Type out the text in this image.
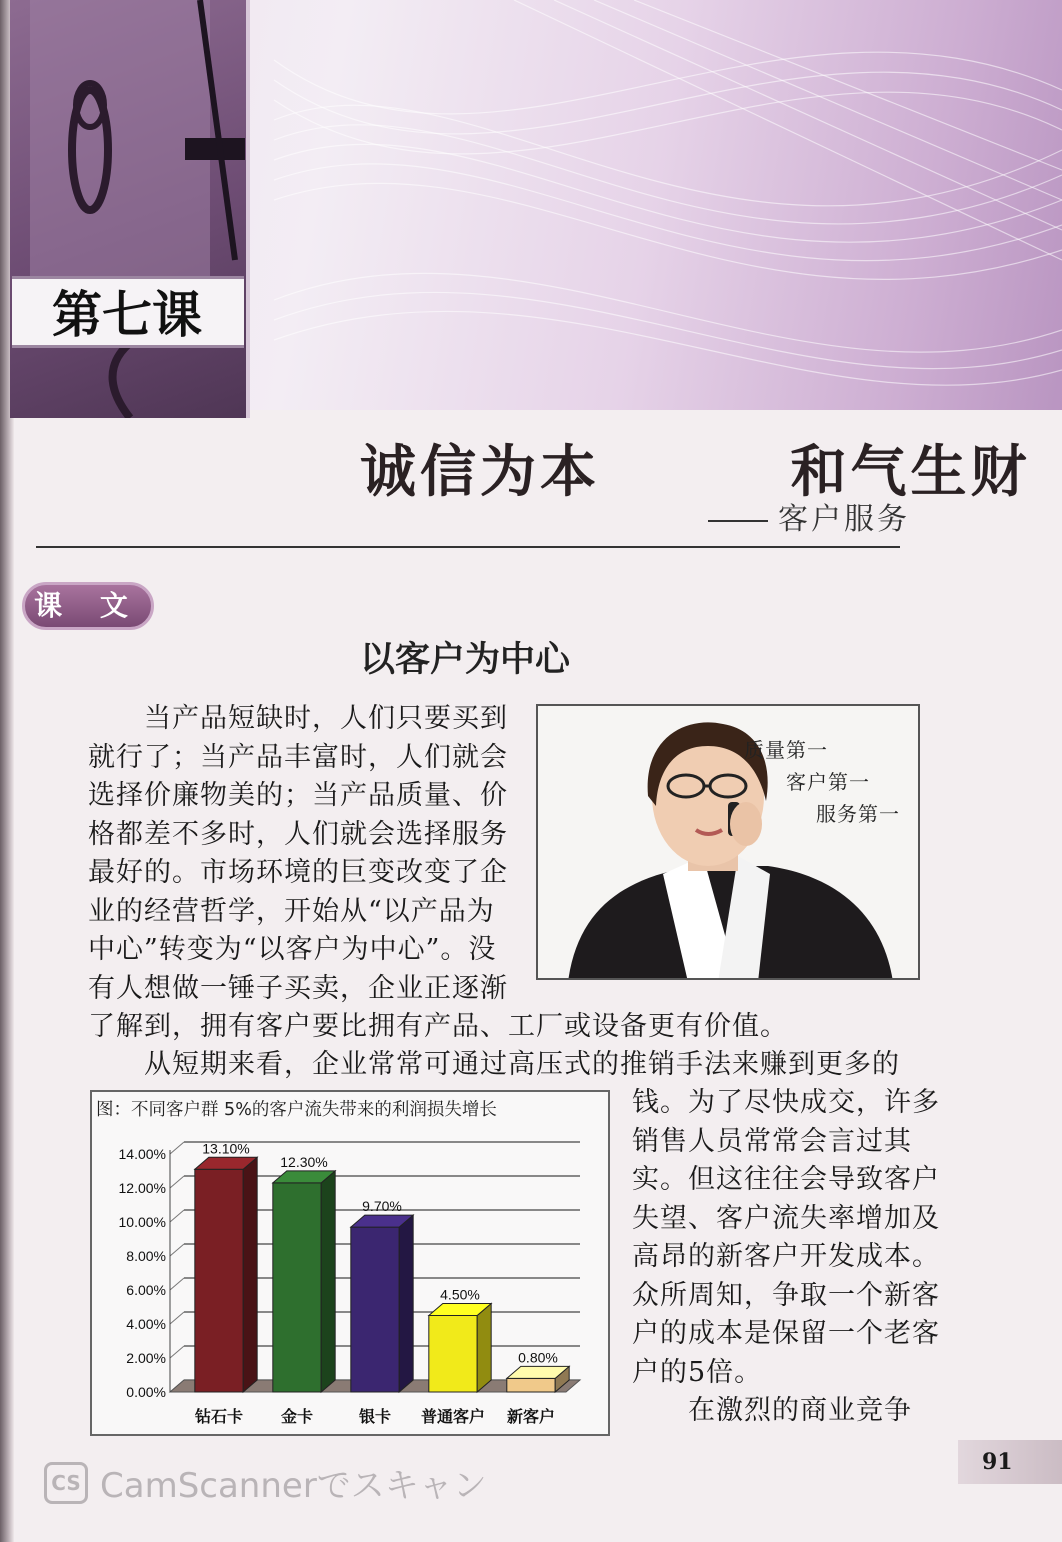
第七课
诚信为本   和气生财
客户服务
课 文
以客户为中心
当产品短缺时，人们只要买到就行了；当产品丰富时，人们就会选择价廉物美的；当产品质量、价格都差不多时，人们就会选择服务最好的。市场环境的巨变改变了企业的经营哲学，开始从“以产品为中心”转变为“以客户为中心”。没有人想做一锤子买卖，企业正逐渐
了解到，拥有客户要比拥有产品、工厂或设备更有价值。
质量第一
客户第一
服务第一
从短期来看，企业常常可通过高压式的推销手法来赚到更多的
钱。为了尽快成交，许多销售人员常常会言过其实。但这往往会导致客户失望、客户流失率增加及高昂的新客户开发成本。众所周知，争取一个新客户的成本是保留一个老客户的5倍。
在激烈的商业竞争
图：不同客户群 5%的客户流失带来的利润损失增长
0.00%
2.00%
4.00%
6.00%
8.00%
10.00%
12.00%
14.00%	13.10%
钻石卡
12.30%
金卡
9.70%
银卡
4.50%
普通客户
0.80%
新客户
91
CS CamScannerでスキャン
